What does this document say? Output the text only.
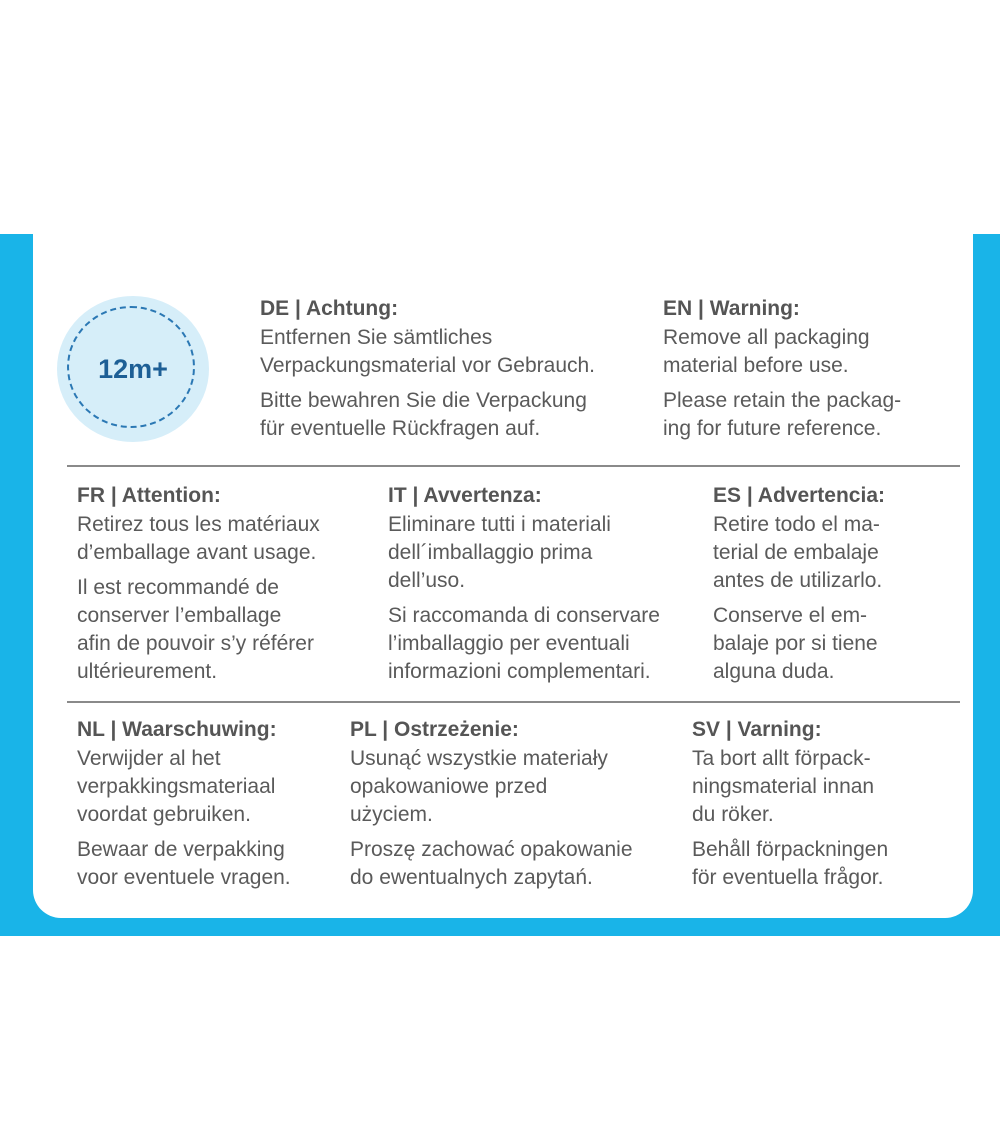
12m+
DE | Achtung:

Entfernen Sie sämtliches
Verpackungsmaterial vor Gebrauch.

Bitte bewahren Sie die Verpackung
für eventuelle Rückfragen auf.

EN | Warning:

Remove all packaging
material before use.

Please retain the packag-
ing for future reference.

FR | Attention:

Retirez tous les matériaux
d’emballage avant usage.

Il est recommandé de
conserver l’emballage
afin de pouvoir s’y référer
ultérieurement.

IT | Avvertenza:

Eliminare tutti i materiali
dell´imballaggio prima
dell’uso.

Si raccomanda di conservare
l’imballaggio per eventuali
informazioni complementari.

ES | Advertencia:

Retire todo el ma-
terial de embalaje
antes de utilizarlo.

Conserve el em-
balaje por si tiene
alguna duda.

NL | Waarschuwing:

Verwijder al het
verpakkingsmateriaal
voordat gebruiken.

Bewaar de verpakking
voor eventuele vragen.

PL | Ostrzeżenie:

Usunąć wszystkie materiały
opakowaniowe przed
użyciem.

Proszę zachować opakowanie
do ewentualnych zapytań.

SV | Varning:

Ta bort allt förpack-
ningsmaterial innan
du röker.

Behåll förpackningen
för eventuella frågor.
